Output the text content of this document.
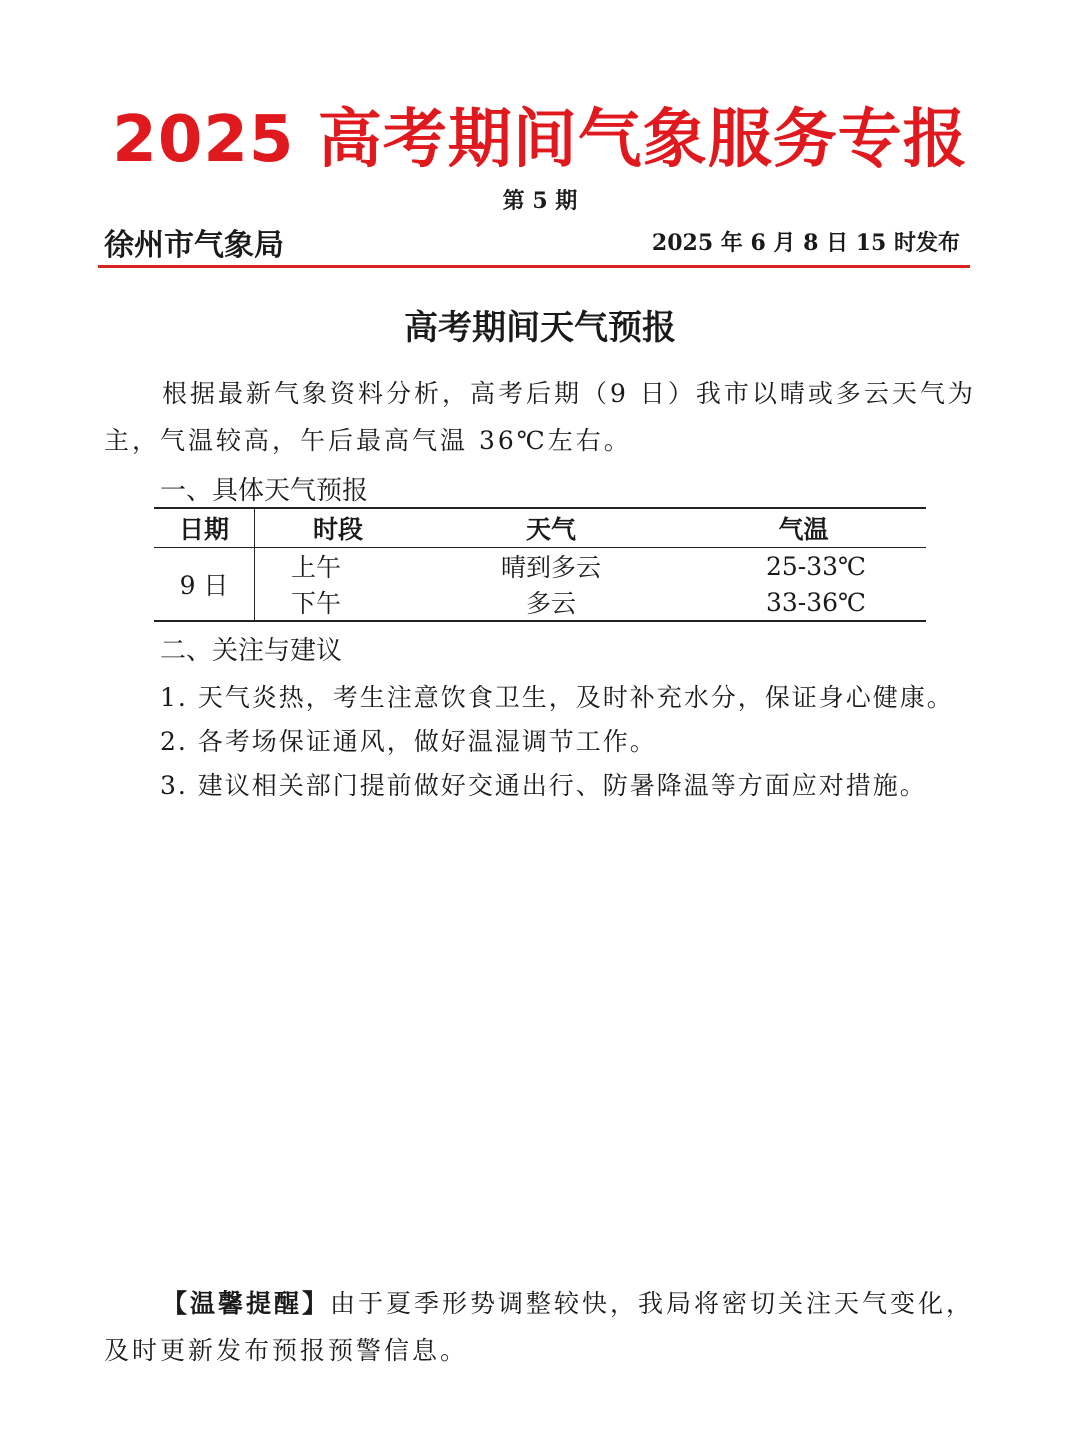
2025 高考期间气象服务专报
第 5 期
徐州市气象局	2025 年 6 月 8 日 15 时发布
高考期间天气预报
根据最新气象资料分析，高考后期（9 日）我市以晴或多云天气为主，气温较高，午后最高气温 36℃左右。
一、具体天气预报
日期	时段	天气	气温
9 日	上午	晴到多云	25-33℃
	下午	多云	33-36℃
二、关注与建议
1. 天气炎热，考生注意饮食卫生，及时补充水分，保证身心健康。
2. 各考场保证通风，做好温湿调节工作。
3. 建议相关部门提前做好交通出行、防暑降温等方面应对措施。
【温馨提醒】由于夏季形势调整较快，我局将密切关注天气变化，及时更新发布预报预警信息。
